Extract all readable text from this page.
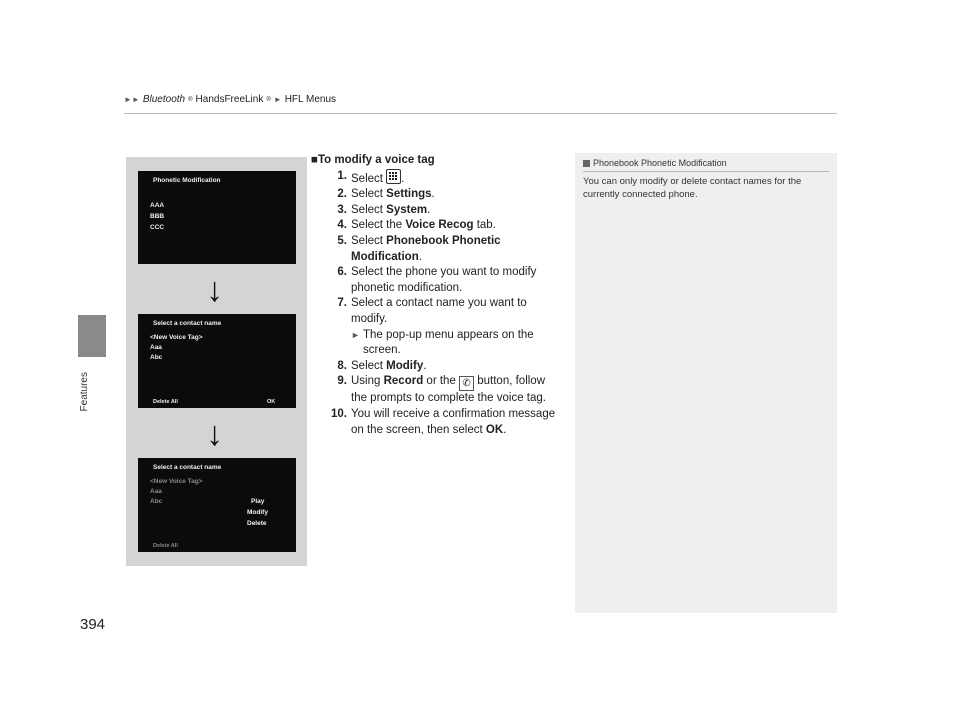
►► Bluetooth ® HandsFreeLink ® ► HFL Menus
Features
394
Phonetic Modification
AAA
BBB
CCC
↓
Select a contact name
<New Voice Tag>
Aaa
Abc
Delete All	OK
↓
Select a contact name
<New Voice Tag>
Aaa
Abc	Play
Modify
Delete
Delete All
■To modify a voice tag
1. Select
.
2. Select Settings.
3. Select System.
4. Select the Voice Recog tab.
5. Select Phonebook Phonetic Modification.
6. Select the phone you want to modify phonetic modification.
7. Select a contact name you want to modify.
► The pop-up menu appears on the screen.
8. Select Modify.
9. Using Record or the ✆ button, follow the prompts to complete the voice tag.
10. You will receive a confirmation message on the screen, then select OK.
Phonebook Phonetic Modification
You can only modify or delete contact names for the currently connected phone.
